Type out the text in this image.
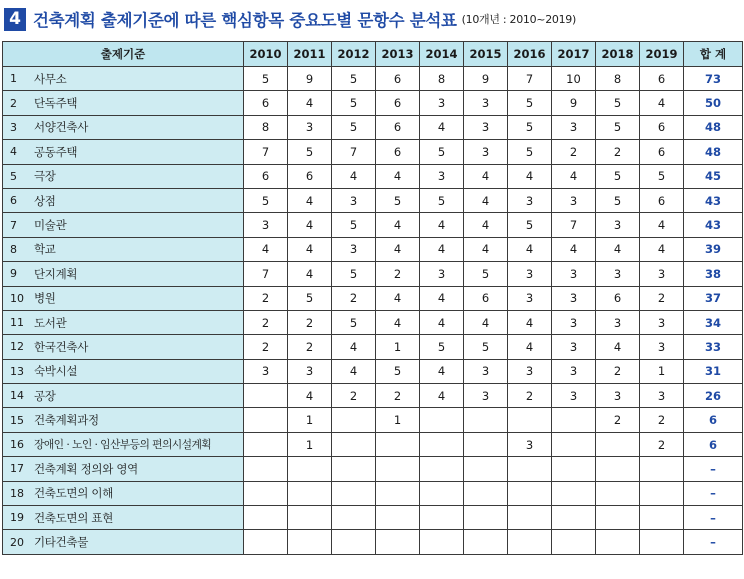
4 건축계획 출제기준에 따른 핵심항목 중요도별 문항수 분석표 (10개년 : 2010~2019)
출제기준		2010	2011	2012	2013	2014	2015	2016	2017	2018	2019	합 계
1	사무소	5	9	5	6	8	9	7	10	8	6	73
2	단독주택	6	4	5	6	3	3	5	9	5	4	50
3	서양건축사	8	3	5	6	4	3	5	3	5	6	48
4	공동주택	7	5	7	6	5	3	5	2	2	6	48
5	극장	6	6	4	4	3	4	4	4	5	5	45
6	상점	5	4	3	5	5	4	3	3	5	6	43
7	미술관	3	4	5	4	4	4	5	7	3	4	43
8	학교	4	4	3	4	4	4	4	4	4	4	39
9	단지계획	7	4	5	2	3	5	3	3	3	3	38
10	병원	2	5	2	4	4	6	3	3	6	2	37
11	도서관	2	2	5	4	4	4	4	3	3	3	34
12	한국건축사	2	2	4	1	5	5	4	3	4	3	33
13	숙박시설	3	3	4	5	4	3	3	3	2	1	31
14	공장		4	2	2	4	3	2	3	3	3	26
15	건축계획과정		1		1					2	2	6
16	장애인 · 노인 · 임산부등의 편의시설계획		1					3			2	6
17	건축계획 정의와 영역											–
18	건축도면의 이해											–
19	건축도면의 표현											–
20	기타건축물											–
